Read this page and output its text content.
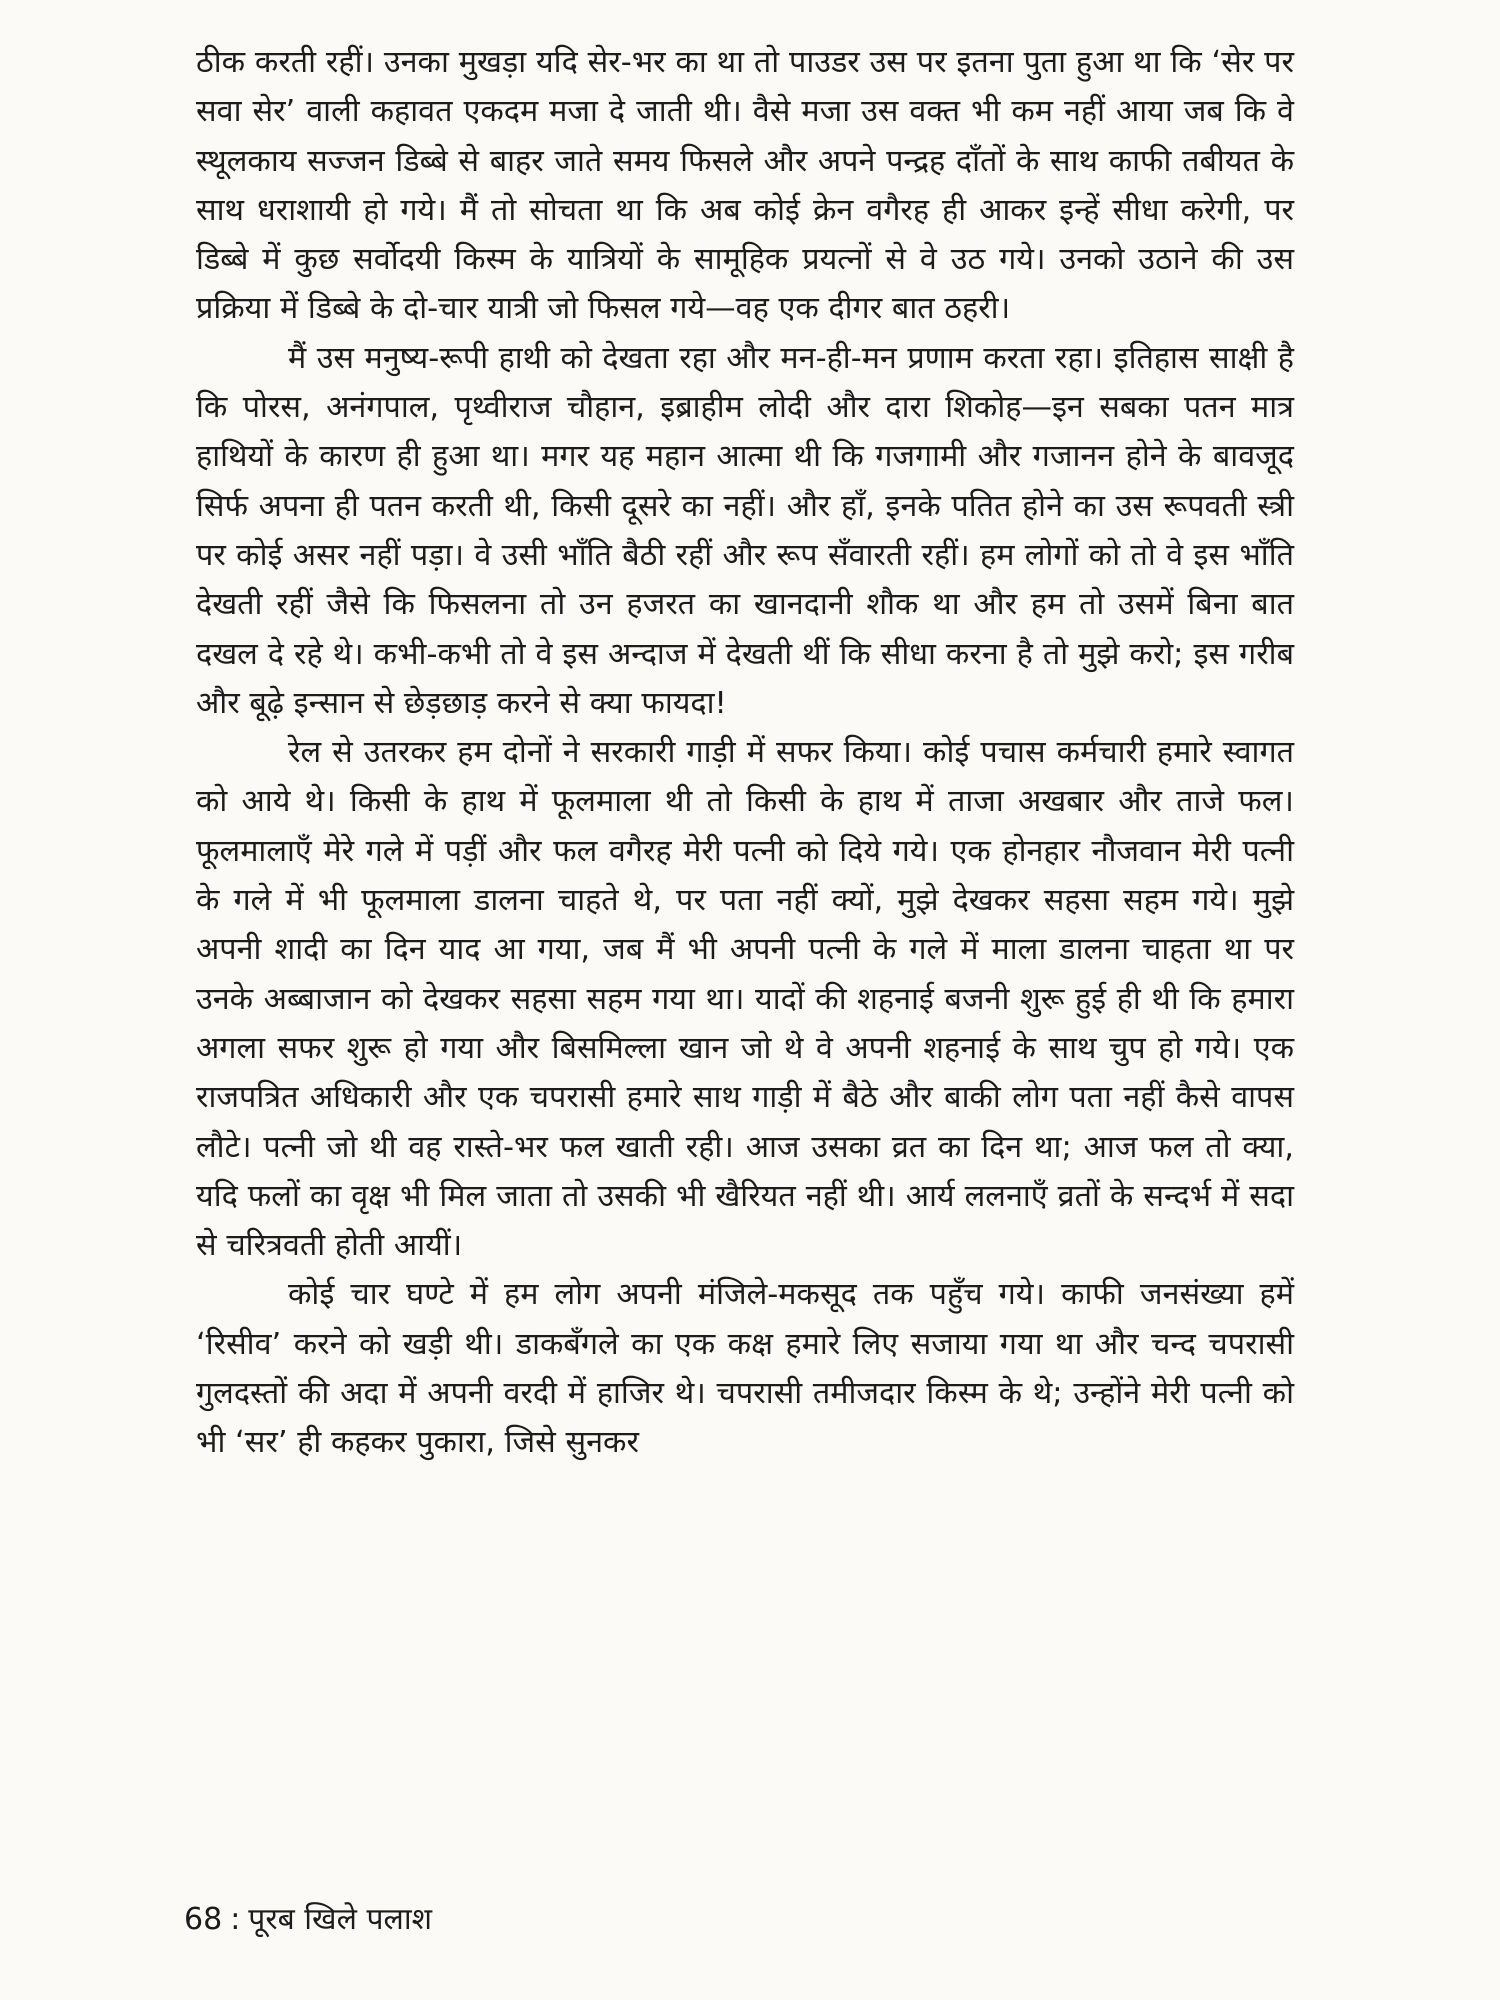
ठीक करती रहीं। उनका मुखड़ा यदि सेर-भर का था तो पाउडर उस पर इतना पुता हुआ था कि ‘सेर पर सवा सेर’ वाली कहावत एकदम मजा दे जाती थी। वैसे मजा उस वक्त भी कम नहीं आया जब कि वे स्थूलकाय सज्जन डिब्बे से बाहर जाते समय फिसले और अपने पन्द्रह दाँतों के साथ काफी तबीयत के साथ धराशायी हो गये। मैं तो सोचता था कि अब कोई क्रेन वगैरह ही आकर इन्हें सीधा करेगी, पर डिब्बे में कुछ सर्वोदयी किस्म के यात्रियों के सामूहिक प्रयत्नों से वे उठ गये। उनको उठाने की उस प्रक्रिया में डिब्बे के दो-चार यात्री जो फिसल गये—वह एक दीगर बात ठहरी।

मैं उस मनुष्य-रूपी हाथी को देखता रहा और मन-ही-मन प्रणाम करता रहा। इतिहास साक्षी है कि पोरस, अनंगपाल, पृथ्वीराज चौहान, इब्राहीम लोदी और दारा शिकोह—इन सबका पतन मात्र हाथियों के कारण ही हुआ था। मगर यह महान आत्मा थी कि गजगामी और गजानन होने के बावजूद सिर्फ अपना ही पतन करती थी, किसी दूसरे का नहीं। और हाँ, इनके पतित होने का उस रूपवती स्त्री पर कोई असर नहीं पड़ा। वे उसी भाँति बैठी रहीं और रूप सँवारती रहीं। हम लोगों को तो वे इस भाँति देखती रहीं जैसे कि फिसलना तो उन हजरत का खानदानी शौक था और हम तो उसमें बिना बात दखल दे रहे थे। कभी-कभी तो वे इस अन्दाज में देखती थीं कि सीधा करना है तो मुझे करो; इस गरीब और बूढ़े इन्सान से छेड़छाड़ करने से क्या फायदा!

रेल से उतरकर हम दोनों ने सरकारी गाड़ी में सफर किया। कोई पचास कर्मचारी हमारे स्वागत को आये थे। किसी के हाथ में फूलमाला थी तो किसी के हाथ में ताजा अखबार और ताजे फल। फूलमालाएँ मेरे गले में पड़ीं और फल वगैरह मेरी पत्नी को दिये गये। एक होनहार नौजवान मेरी पत्नी के गले में भी फूलमाला डालना चाहते थे, पर पता नहीं क्यों, मुझे देखकर सहसा सहम गये। मुझे अपनी शादी का दिन याद आ गया, जब मैं भी अपनी पत्नी के गले में माला डालना चाहता था पर उनके अब्बाजान को देखकर सहसा सहम गया था। यादों की शहनाई बजनी शुरू हुई ही थी कि हमारा अगला सफर शुरू हो गया और बिसमिल्ला खान जो थे वे अपनी शहनाई के साथ चुप हो गये। एक राजपत्रित अधिकारी और एक चपरासी हमारे साथ गाड़ी में बैठे और बाकी लोग पता नहीं कैसे वापस लौटे। पत्नी जो थी वह रास्ते-भर फल खाती रही। आज उसका व्रत का दिन था; आज फल तो क्या, यदि फलों का वृक्ष भी मिल जाता तो उसकी भी खैरियत नहीं थी। आर्य ललनाएँ व्रतों के सन्दर्भ में सदा से चरित्रवती होती आयीं।

कोई चार घण्टे में हम लोग अपनी मंजिले-मकसूद तक पहुँच गये। काफी जनसंख्या हमें ‘रिसीव’ करने को खड़ी थी। डाकबँगले का एक कक्ष हमारे लिए सजाया गया था और चन्द चपरासी गुलदस्तों की अदा में अपनी वरदी में हाजिर थे। चपरासी तमीजदार किस्म के थे; उन्होंने मेरी पत्नी को भी ‘सर’ ही कहकर पुकारा, जिसे सुनकर

68 : पूरब खिले पलाश
